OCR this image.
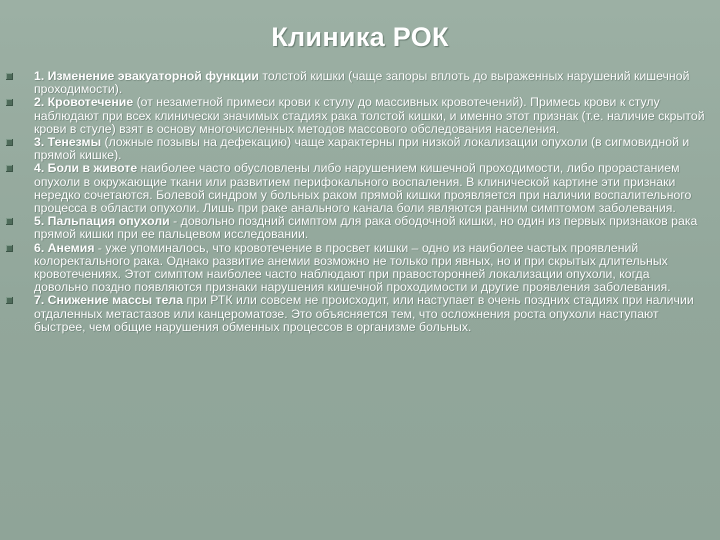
Клиника РОК
1. Изменение эвакуаторной функции толстой кишки (чаще запоры вплоть до выраженных нарушений кишечной проходимости).
2. Кровотечение (от незаметной примеси крови к стулу до массивных кровотечений). Примесь крови к стулу наблюдают при всех клинически значимых стадиях рака толстой кишки, и именно этот признак (т.е. наличие скрытой крови в стуле) взят в основу многочисленных методов массового обследования населения.
3. Тенезмы (ложные позывы на дефекацию) чаще характерны при низкой локализации опухоли (в сигмовидной и прямой кишке).
4. Боли в животе наиболее часто обусловлены либо нарушением кишечной проходимости, либо прорастанием опухоли в окружающие ткани или развитием перифокального воспаления. В клинической картине эти признаки нередко сочетаются. Болевой синдром у больных раком прямой кишки проявляется при наличии воспалительного процесса в области опухоли. Лишь при раке анального канала боли являются ранним симптомом заболевания.
5. Пальпация опухоли - довольно поздний симптом для рака ободочной кишки, но один из первых признаков рака прямой кишки при ее пальцевом исследовании.
6. Анемия - уже упоминалось, что кровотечение в просвет кишки – одно из наиболее частых проявлений колоректального рака. Однако развитие анемии возможно не только при явных, но и при скрытых длительных кровотечениях. Этот симптом наиболее часто наблюдают при правосторонней локализации опухоли, когда довольно поздно появляются признаки нарушения кишечной проходимости и другие проявления заболевания.
7. Снижение массы тела при РТК или совсем не происходит, или наступает в очень поздних стадиях при наличии отдаленных метастазов или канцероматозе. Это объясняется тем, что осложнения роста опухоли наступают быстрее, чем общие нарушения обменных процессов в организме больных.
